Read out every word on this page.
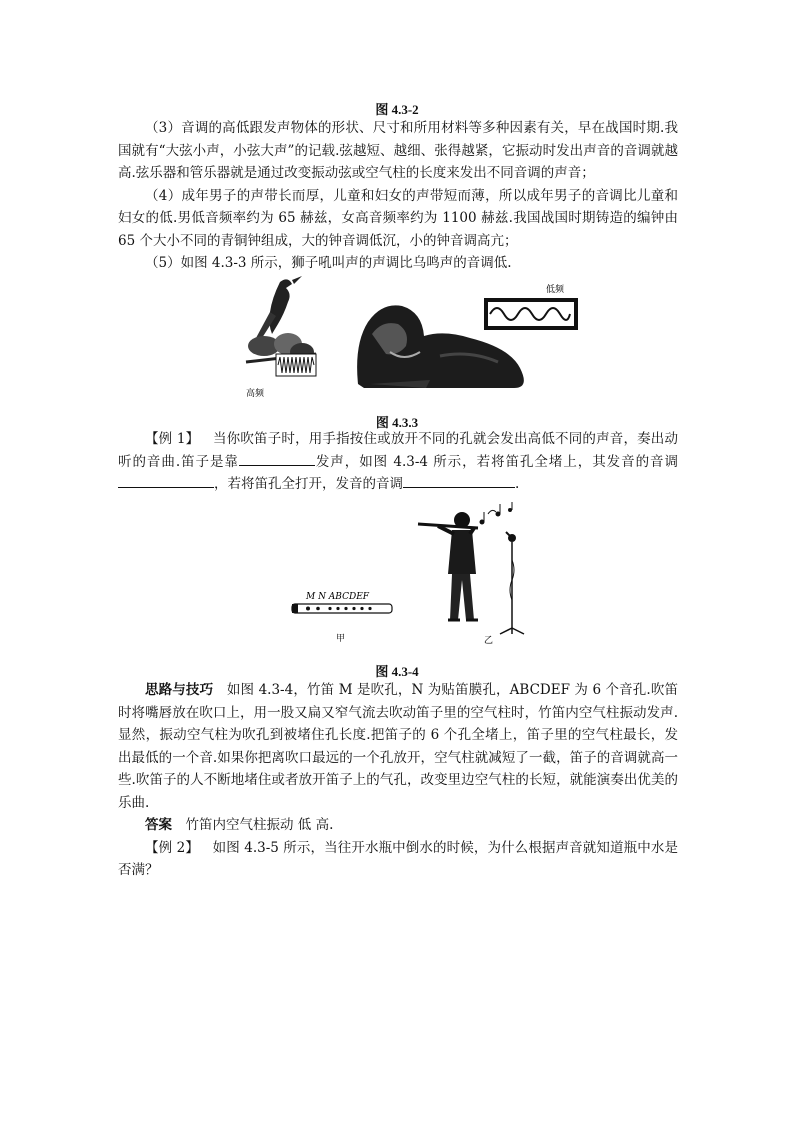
图 4.3-2

（3）音调的高低跟发声物体的形状、尺寸和所用材料等多种因素有关，早在战国时期.我国就有“大弦小声，小弦大声”的记载.弦越短、越细、张得越紧，它振动时发出声音的音调就越高.弦乐器和管乐器就是通过改变振动弦或空气柱的长度来发出不同音调的声音；

（4）成年男子的声带长而厚，儿童和妇女的声带短而薄，所以成年男子的音调比儿童和妇女的低.男低音频率约为 65 赫兹，女高音频率约为 1100 赫兹.我国战国时期铸造的编钟由 65 个大小不同的青铜钟组成，大的钟音调低沉，小的钟音调高亢；

（5）如图 4.3-3 所示，狮子吼叫声的声调比乌鸣声的音调低.

高频
低频
图 4.3.3

【例 1】  当你吹笛子时，用手指按住或放开不同的孔就会发出高低不同的声音，奏出动听的音曲.笛子是靠	发声，如图 4.3-4 所示，若将笛孔全堵上，其发音的音调，若将笛孔全打开，发音的音调	.

M N ABCDEF
甲	乙
图 4.3-4

思路与技巧  如图 4.3-4，竹笛 M 是吹孔，N 为贴笛膜孔，ABCDEF 为 6 个音孔.吹笛时将嘴唇放在吹口上，用一股又扁又窄气流去吹动笛子里的空气柱时，竹笛内空气柱振动发声.显然，振动空气柱为吹孔到被堵住孔长度.把笛子的 6 个孔全堵上，笛子里的空气柱最长，发出最低的一个音.如果你把离吹口最远的一个孔放开，空气柱就减短了一截，笛子的音调就高一些.吹笛子的人不断地堵住或者放开笛子上的气孔，改变里边空气柱的长短，就能演奏出优美的乐曲.

答案  竹笛内空气柱振动 低 高.

【例 2】  如图 4.3-5 所示，当往开水瓶中倒水的时候，为什么根据声音就知道瓶中水是否满？
